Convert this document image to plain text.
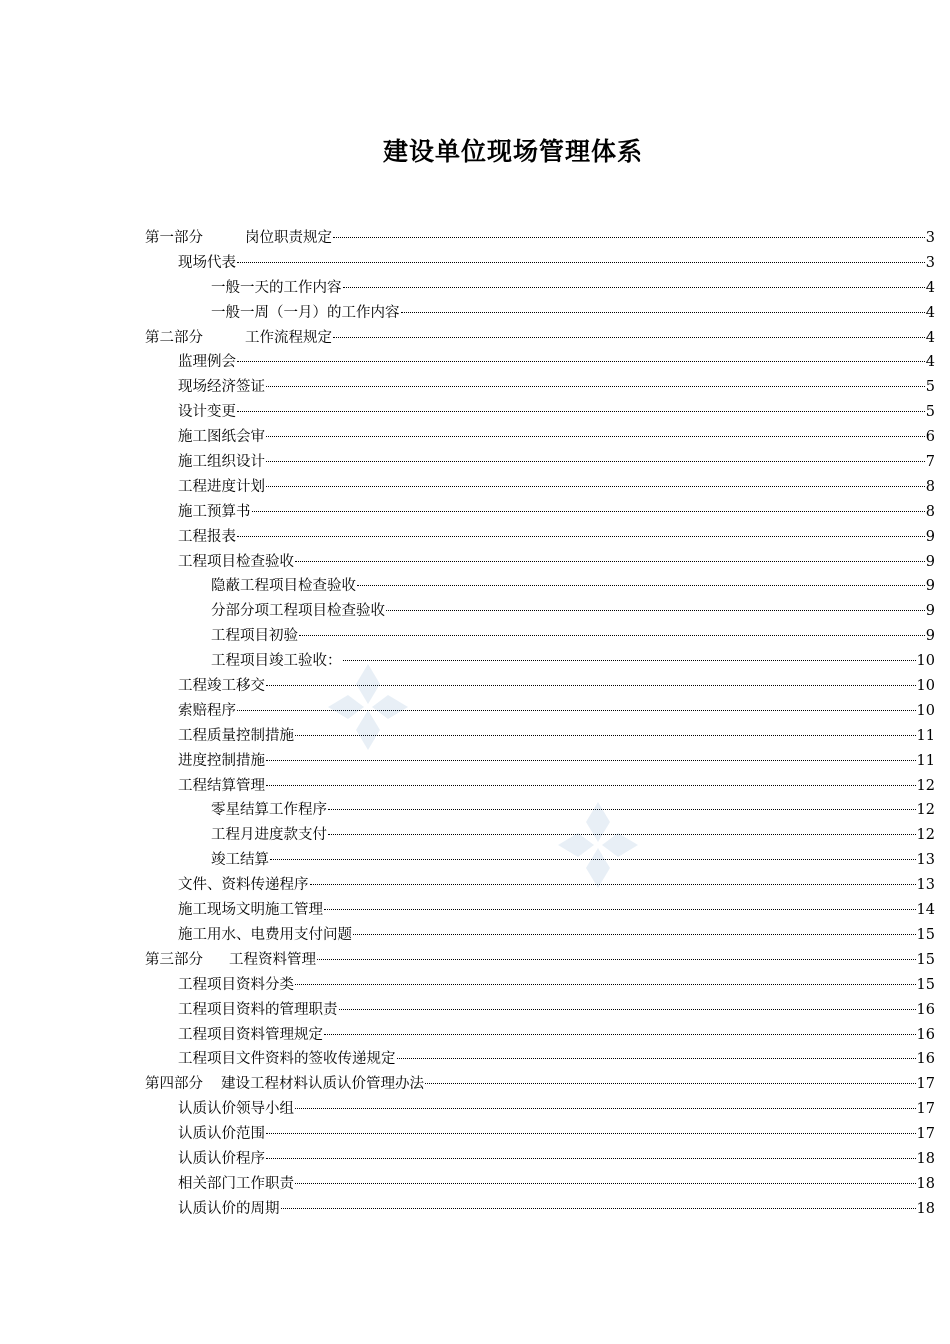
建设单位现场管理体系
第一部分	岗位职责规定	3
现场代表	3
一般一天的工作内容	4
一般一周（一月）的工作内容	4
第二部分	工作流程规定	4
监理例会	4
现场经济签证	5
设计变更	5
施工图纸会审	6
施工组织设计	7
工程进度计划	8
施工预算书	8
工程报表	9
工程项目检查验收	9
隐蔽工程项目检查验收	9
分部分项工程项目检查验收	9
工程项目初验	9
工程项目竣工验收：	10
工程竣工移交	10
索赔程序	10
工程质量控制措施	11
进度控制措施	11
工程结算管理	12
零星结算工作程序	12
工程月进度款支付	12
竣工结算	13
文件、资料传递程序	13
施工现场文明施工管理	14
施工用水、电费用支付问题	15
第三部分 工程资料管理	15
工程项目资料分类	15
工程项目资料的管理职责	16
工程项目资料管理规定	16
工程项目文件资料的签收传递规定	16
第四部分 建设工程材料认质认价管理办法	17
认质认价领导小组	17
认质认价范围	17
认质认价程序	18
相关部门工作职责	18
认质认价的周期	18
